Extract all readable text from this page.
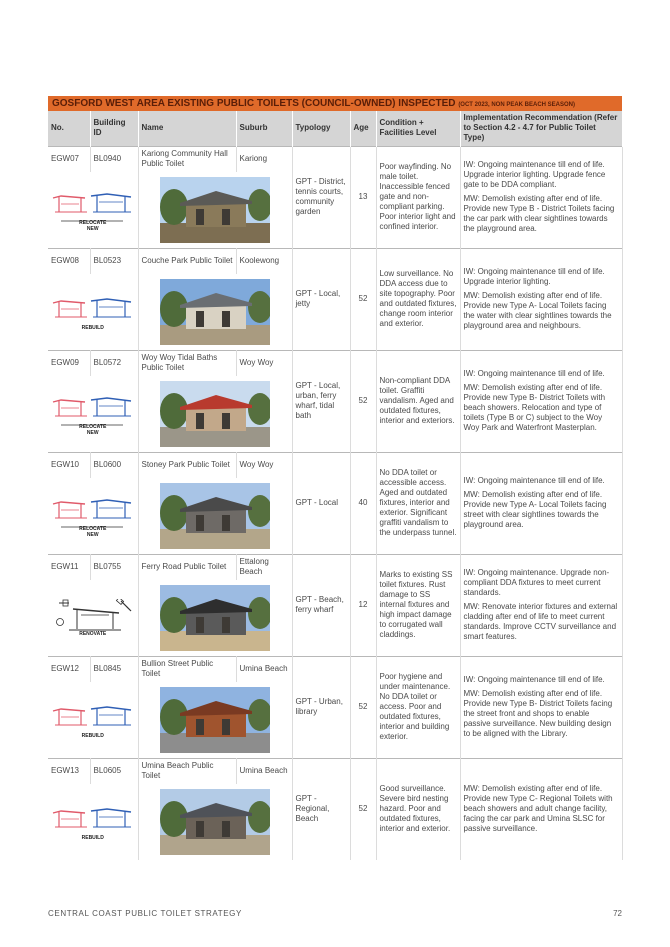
GOSFORD WEST AREA EXISTING PUBLIC TOILETS (COUNCIL-OWNED) INSPECTED (OCT 2023, NON PEAK BEACH SEASON)
No.	Building ID	Name	Suburb	Typology	Age	Condition + Facilities Level	Implementation Recommendation (Refer to Section 4.2 - 4.7 for Public Toilet Type)
EGW07	BL0940	Kariong Community Hall Public Toilet	Kariong	GPT - District, tennis courts, community garden	13	Poor wayfinding. No male toilet. Inaccessible fenced gate and non-compliant parking. Poor interior light and confined interior.	IW: Ongoing maintenance till end of life. Upgrade interior lighting. Upgrade fence gate to be DDA compliant.

MW: Demolish existing after end of life. Provide new Type B - District Toilets facing the car park with clear sightlines towards the playground area.

RELOCATE
NEW

EGW08	BL0523	Couche Park Public Toilet	Koolewong	GPT - Local, jetty	52	Low surveillance. No DDA access due to site topography. Poor and outdated fixtures, change room interior and exterior.	IW: Ongoing maintenance till end of life. Upgrade interior lighting.

MW: Demolish existing after end of life. Provide new Type A- Local Toilets facing the water with clear sightlines towards the playground area and neighbours.

REBUILD

EGW09	BL0572	Woy Woy Tidal Baths Public Toilet	Woy Woy	GPT - Local, urban, ferry wharf, tidal bath	52	Non-compliant DDA toilet. Graffiti vandalism. Aged and outdated fixtures, interior and exteriors.	IW: Ongoing maintenance till end of life.

MW: Demolish existing after end of life. Provide new Type B- District Toilets with beach showers. Relocation and type of toilets (Type B or C) subject to the Woy Woy Park and Waterfront Masterplan.

RELOCATE
NEW

EGW10	BL0600	Stoney Park Public Toilet	Woy Woy	GPT - Local	40	No DDA toilet or accessible access. Aged and outdated fixtures, interior and exterior. Significant graffiti vandalism to the underpass tunnel.	IW: Ongoing maintenance till end of life.

MW: Demolish existing after end of life. Provide new Type A- Local Toilets facing street with clear sightlines towards the playground area.

RELOCATE
NEW

EGW11	BL0755	Ferry Road Public Toilet	Ettalong Beach	GPT - Beach, ferry wharf	12	Marks to existing SS toilet fixtures. Rust damage to SS internal fixtures and high impact damage to corrugated wall claddings.	IW: Ongoing maintenance. Upgrade non-compliant DDA fixtures to meet current standards.

MW: Renovate interior fixtures and external cladding after end of life to meet current standards. Improve CCTV surveillance and smart features.

RENOVATE

EGW12	BL0845	Bullion Street Public Toilet	Umina Beach	GPT - Urban, library	52	Poor hygiene and under maintenance. No DDA toilet or access. Poor and outdated fixtures, interior and building exterior.	IW: Ongoing maintenance till end of life.

MW: Demolish existing after end of life. Provide new Type B- District Toilets facing the street front and shops to enable passive surveillance. New building design to be aligned with the Library.

REBUILD

EGW13	BL0605	Umina Beach Public Toilet	Umina Beach	GPT - Regional, Beach	52	Good surveillance. Severe bird nesting hazard. Poor and outdated fixtures, interior and exterior.	MW: Demolish existing after end of life. Provide new Type C- Regional Toilets with beach showers and adult change facility, facing the car park and Umina SLSC for passive surveillance.

REBUILD

CENTRAL COAST PUBLIC TOILET STRATEGY	72
